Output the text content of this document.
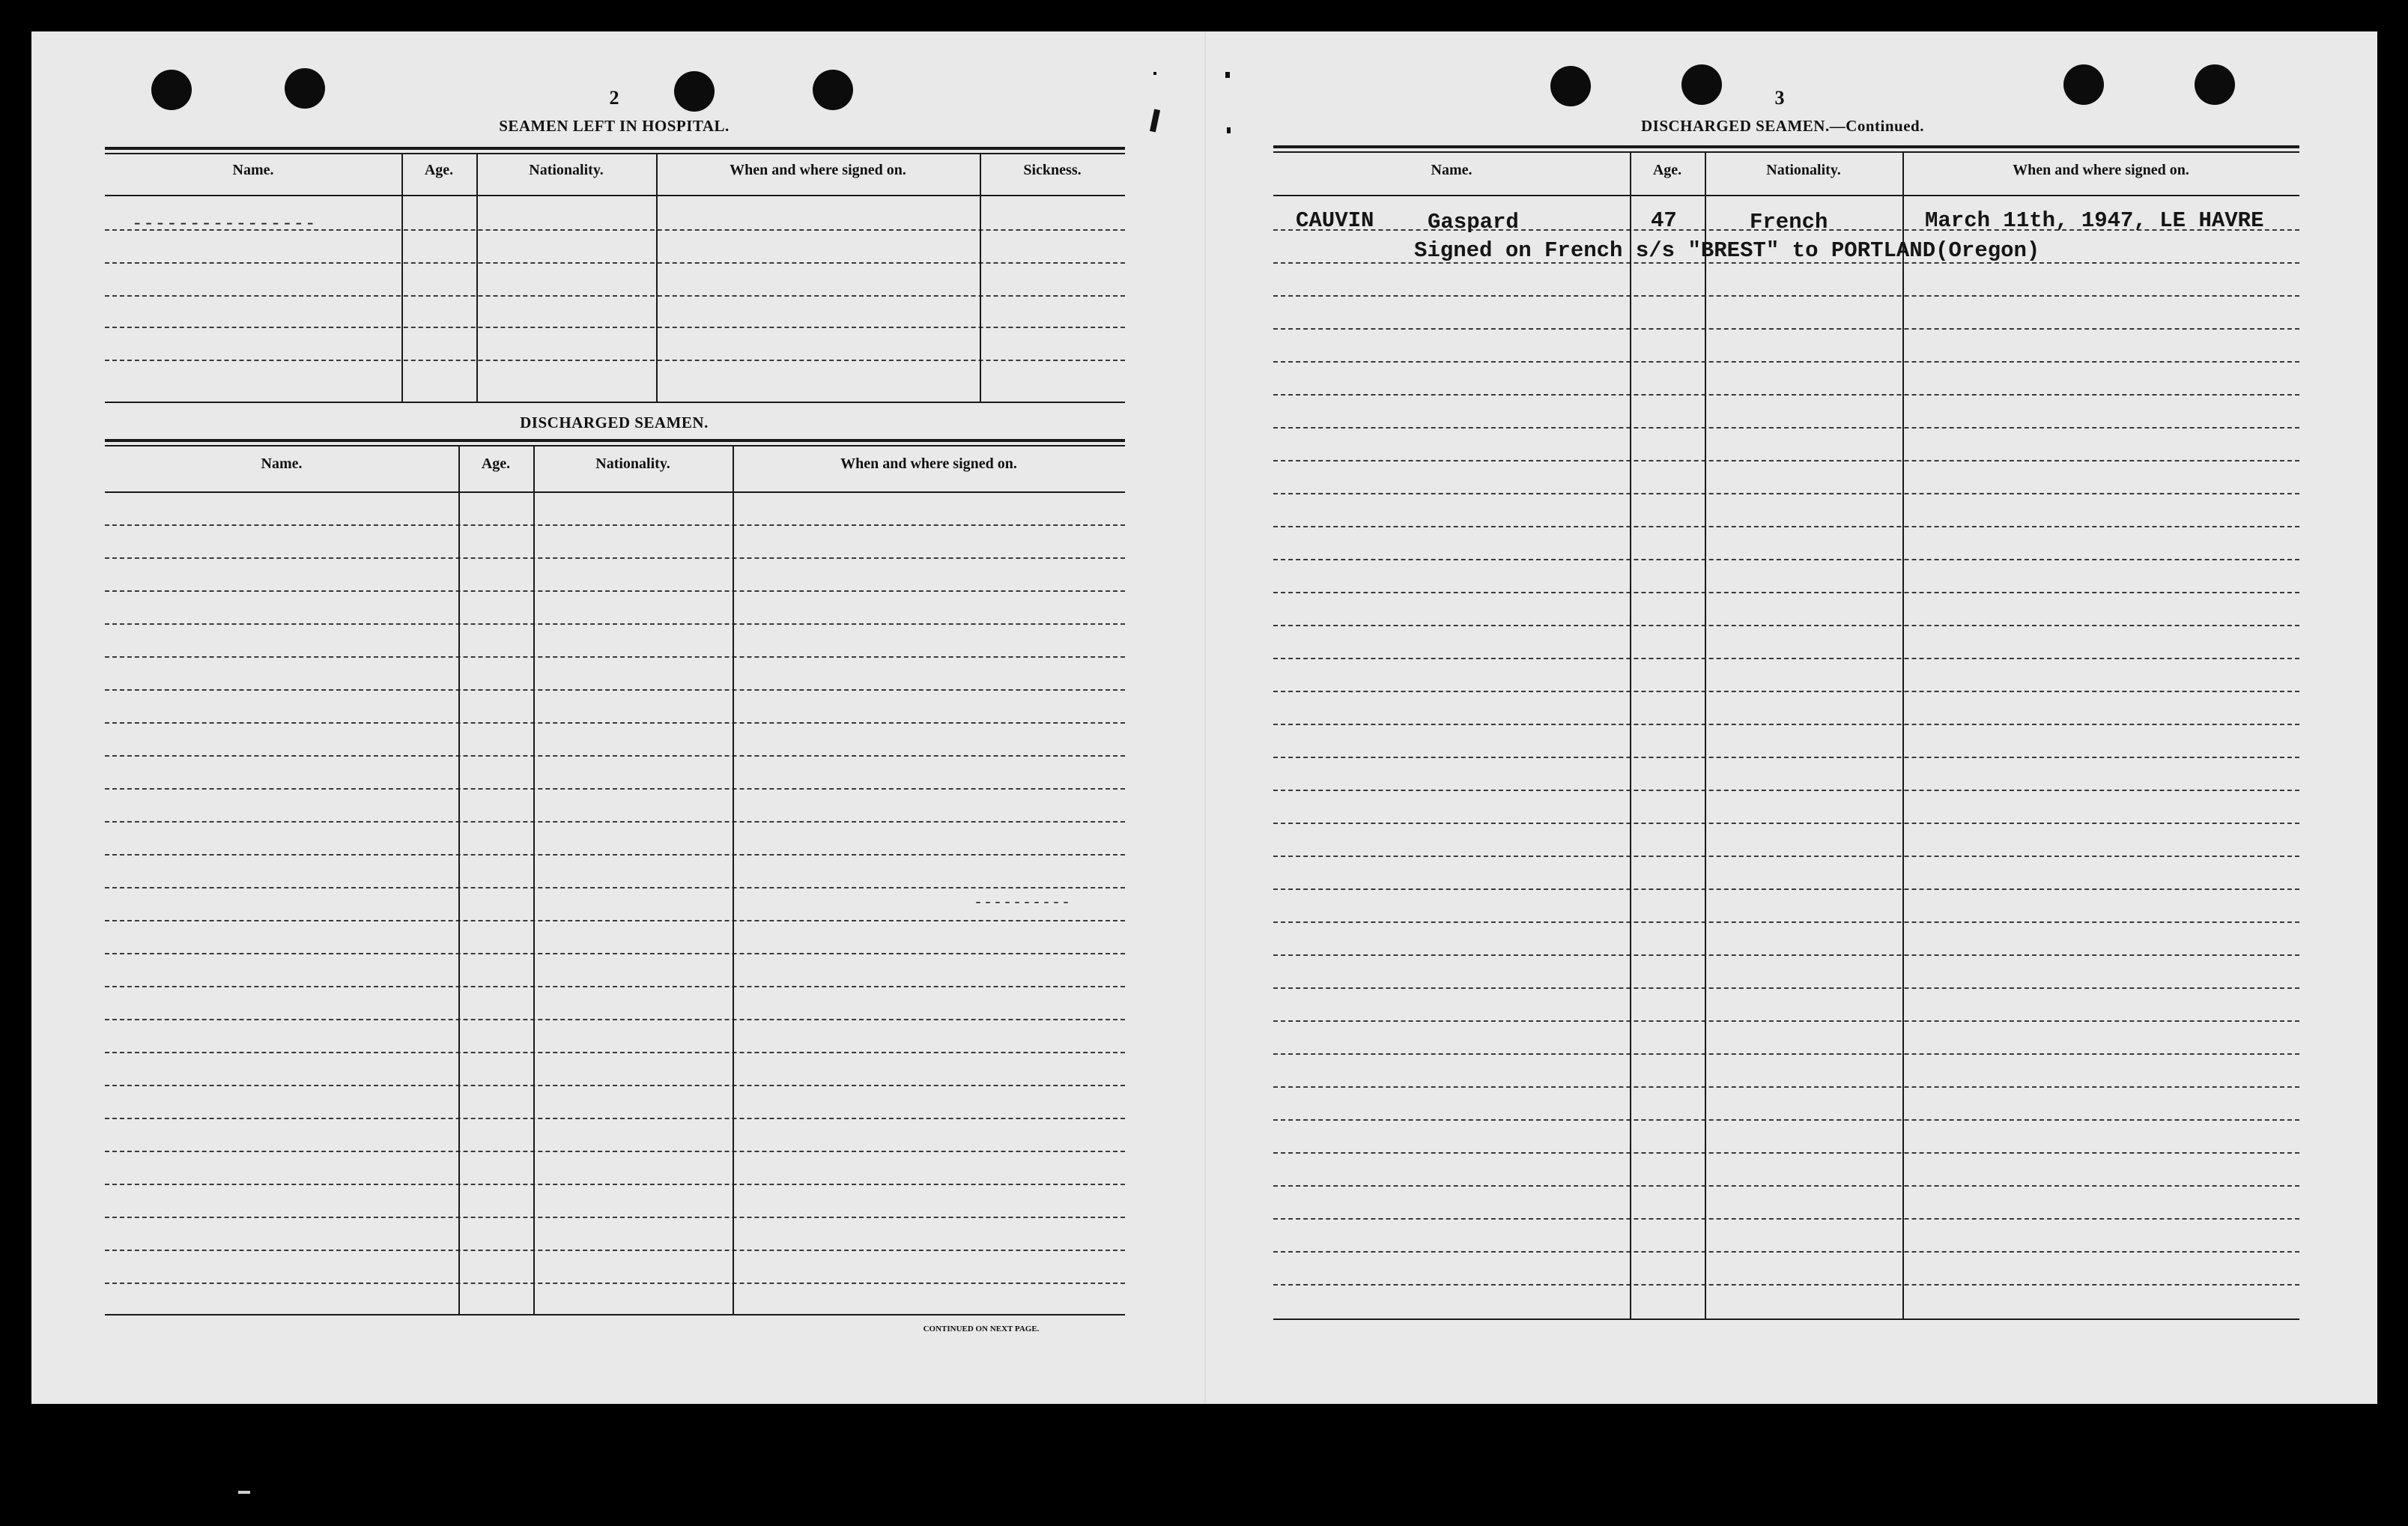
2
SEAMEN LEFT IN HOSPITAL.
Name.	Age.	Nationality.	When and where signed on.	Sickness.
----------------
DISCHARGED SEAMEN.
Name.	Age.	Nationality.	When and where signed on.
----------
CONTINUED ON NEXT PAGE.
3
DISCHARGED SEAMEN.—Continued.
Name.	Age.	Nationality.	When and where signed on.
CAUVIN Gaspard	47	French	March 11th, 1947, LE HAVRE
Signed on French s/s "BREST" to PORTLAND(Oregon)
